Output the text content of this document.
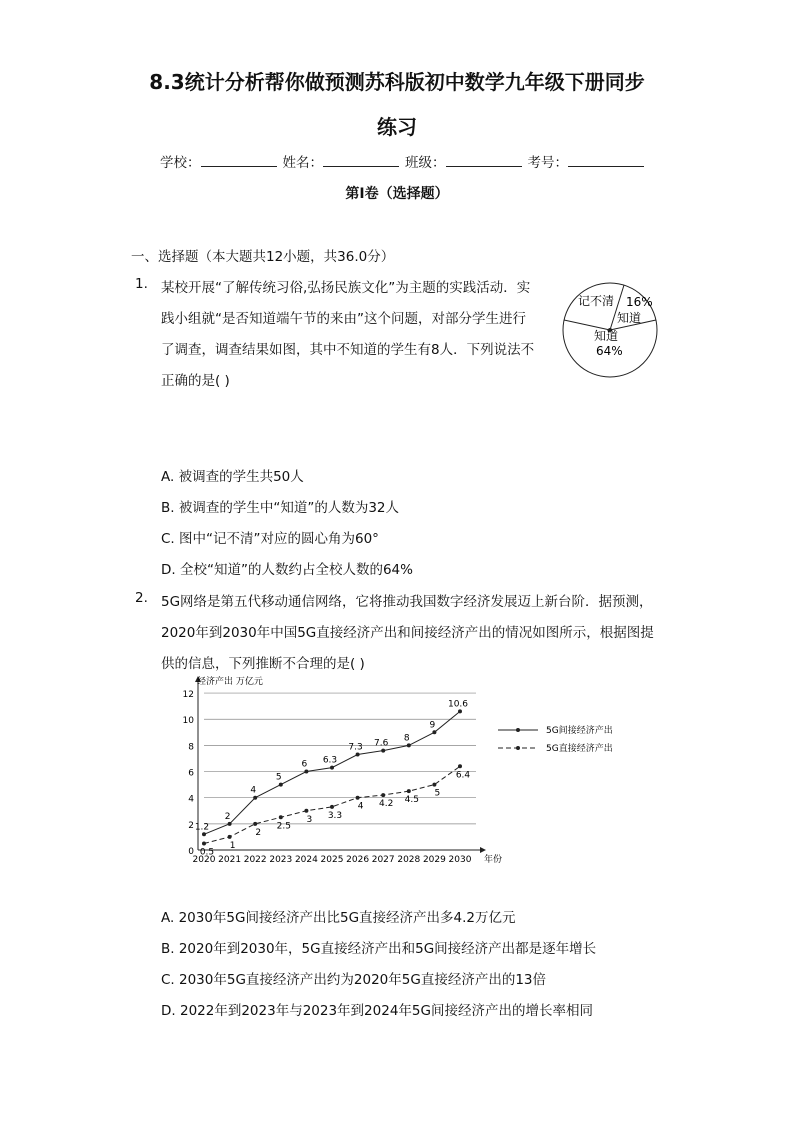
8.3统计分析帮你做预测苏科版初中数学九年级下册同步
练习
学校：	姓名：	班级：	考号：
第I卷（选择题）
一、选择题（本大题共12小题，共36.0分）
1. 某校开展“了解传统习俗,弘扬民族文化”为主题的实践活动．实
践小组就“是否知道端午节的来由”这个问题，对部分学生进行
了调查，调查结果如图，其中不知道的学生有8人．下列说法不
正确的是( )
记不清 16%
知道
知道
64%
A. 被调查的学生共50人
B. 被调查的学生中“知道”的人数为32人
C. 图中“记不清”对应的圆心角为60°
D. 全校“知道”的人数约占全校人数的64%
2. 5G网络是第五代移动通信网络，它将推动我国数字经济发展迈上新台阶．据预测，
2020年到2030年中国5G直接经济产出和间接经济产出的情况如图所示，根据图提
供的信息，下列推断不合理的是( )
0
2
4
6
8
10
12
经济产出 万亿元
年份
2020 2021 2022 2023 2024 2025 2026 2027 2028 2029 2030
1.2
2
4
5
6 6.3
7.3 7.6
8
9
10.6
0.5
1
2
2.5
3 3.3
4 4.2 4.5
5
6.4
5G间接经济产出
5G直接经济产出
A. 2030年5G间接经济产出比5G直接经济产出多4.2万亿元
B. 2020年到2030年，5G直接经济产出和5G间接经济产出都是逐年增长
C. 2030年5G直接经济产出约为2020年5G直接经济产出的13倍
D. 2022年到2023年与2023年到2024年5G间接经济产出的增长率相同
